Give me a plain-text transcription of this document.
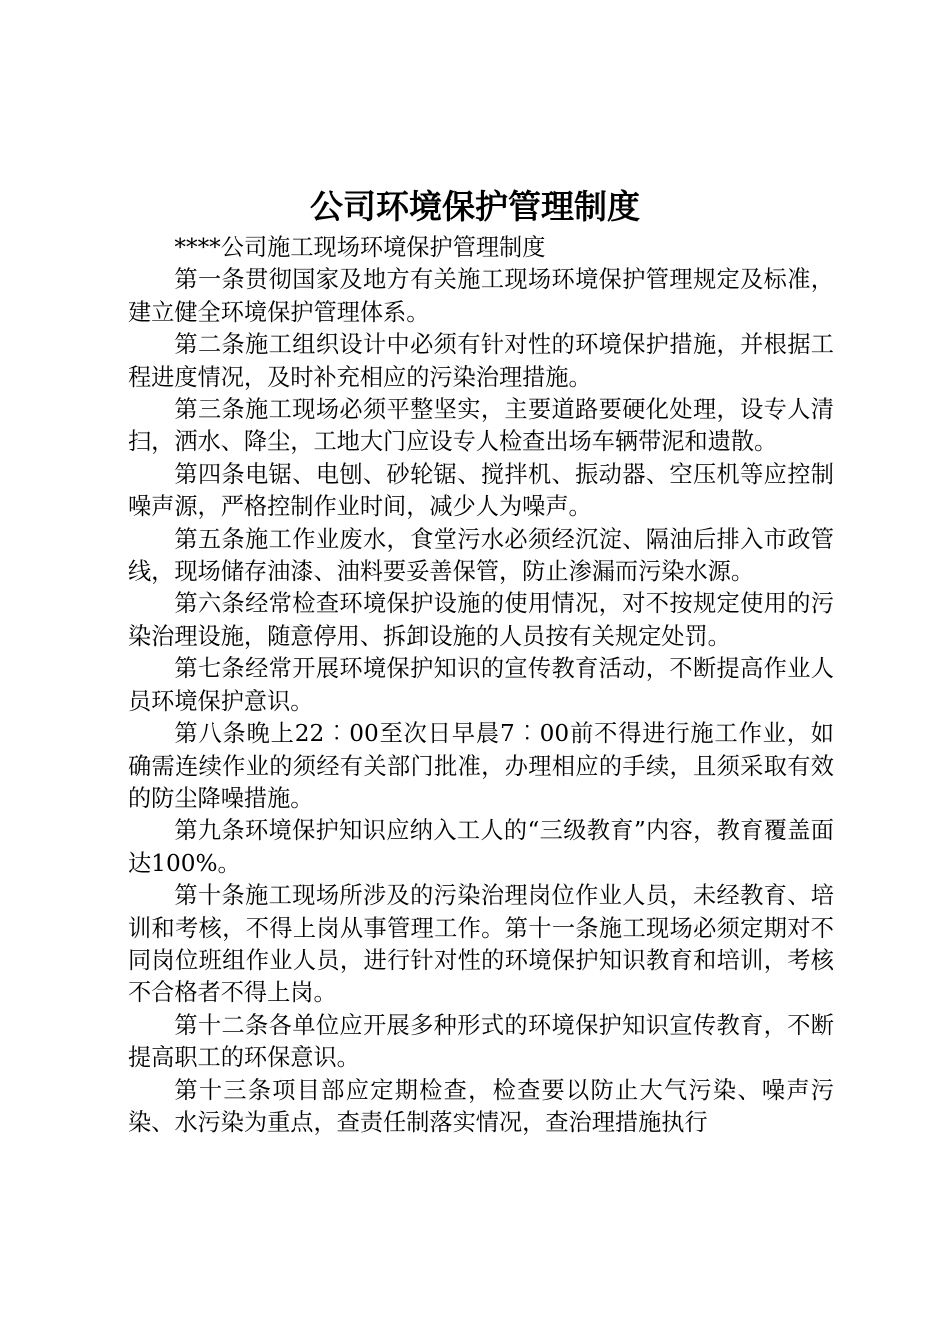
公司环境保护管理制度

****公司施工现场环境保护管理制度

第一条贯彻国家及地方有关施工现场环境保护管理规定及标准，建立健全环境保护管理体系。

第二条施工组织设计中必须有针对性的环境保护措施，并根据工程进度情况，及时补充相应的污染治理措施。

第三条施工现场必须平整坚实，主要道路要硬化处理，设专人清扫，洒水、降尘，工地大门应设专人检查出场车辆带泥和遗散。

第四条电锯、电刨、砂轮锯、搅拌机、振动器、空压机等应控制噪声源，严格控制作业时间，减少人为噪声。

第五条施工作业废水，食堂污水必须经沉淀、隔油后排入市政管线，现场储存油漆、油料要妥善保管，防止渗漏而污染水源。

第六条经常检查环境保护设施的使用情况，对不按规定使用的污染治理设施，随意停用、拆卸设施的人员按有关规定处罚。

第七条经常开展环境保护知识的宣传教育活动，不断提高作业人员环境保护意识。

第八条晚上22︰00至次日早晨7︰00前不得进行施工作业，如确需连续作业的须经有关部门批准，办理相应的手续，且须采取有效的防尘降噪措施。

第九条环境保护知识应纳入工人的“三级教育”内容，教育覆盖面达100%。

第十条施工现场所涉及的污染治理岗位作业人员，未经教育、培训和考核，不得上岗从事管理工作。第十一条施工现场必须定期对不同岗位班组作业人员，进行针对性的环境保护知识教育和培训，考核不合格者不得上岗。

第十二条各单位应开展多种形式的环境保护知识宣传教育，不断提高职工的环保意识。

第十三条项目部应定期检查，检查要以防止大气污染、噪声污染、水污染为重点，查责任制落实情况，查治理措施执行
